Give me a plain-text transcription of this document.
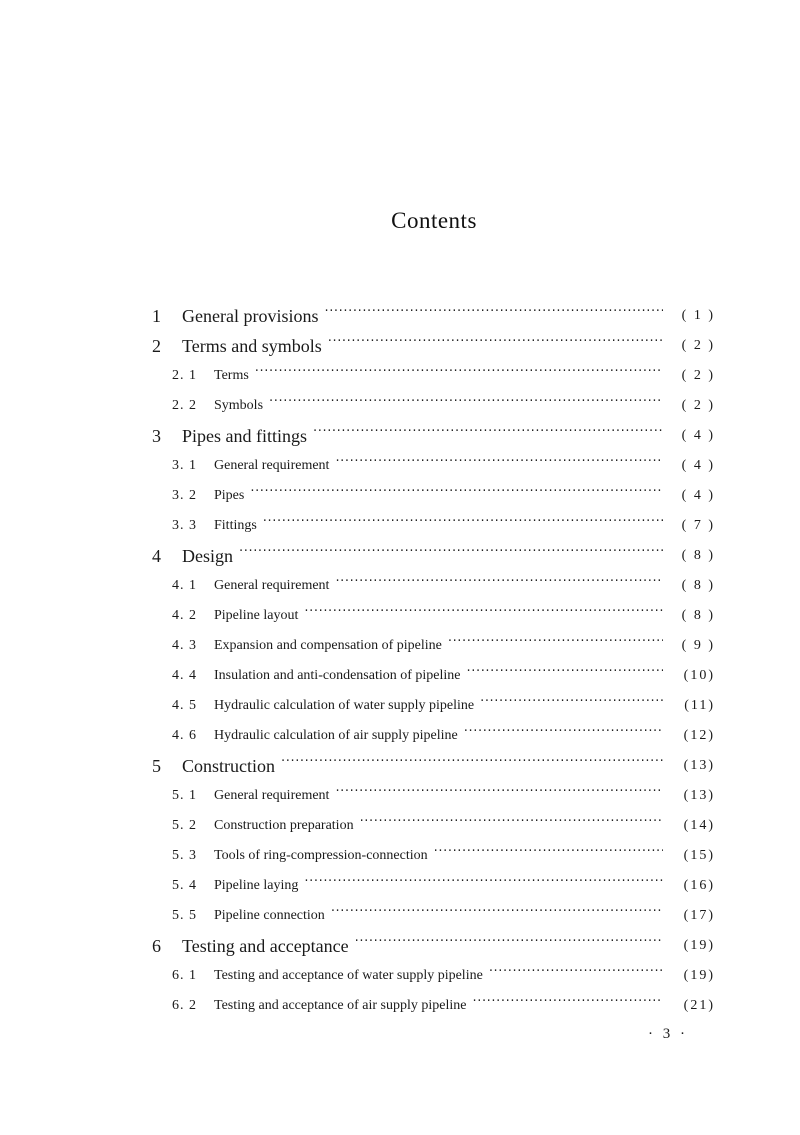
Contents
1	General provisions ·····	( 1 )
2	Terms and symbols ·····	( 2 )
2. 1	Terms ·····	( 2 )
2. 2	Symbols ·····	( 2 )
3	Pipes and fittings ·····	( 4 )
3. 1	General requirement ·····	( 4 )
3. 2	Pipes ·····	( 4 )
3. 3	Fittings ·····	( 7 )
4	Design ·····	( 8 )
4. 1	General requirement ·····	( 8 )
4. 2	Pipeline layout ·····	( 8 )
4. 3	Expansion and compensation of pipeline ·····	( 9 )
4. 4	Insulation and anti-condensation of pipeline ·····	(10)
4. 5	Hydraulic calculation of water supply pipeline ·····	(11)
4. 6	Hydraulic calculation of air supply pipeline ·····	(12)
5	Construction ·····	(13)
5. 1	General requirement ·····	(13)
5. 2	Construction preparation ·····	(14)
5. 3	Tools of ring-compression-connection ·····	(15)
5. 4	Pipeline laying ·····	(16)
5. 5	Pipeline connection ·····	(17)
6	Testing and acceptance ·····	(19)
6. 1	Testing and acceptance of water supply pipeline ·····	(19)
6. 2	Testing and acceptance of air supply pipeline ·····	(21)
· 3 ·
